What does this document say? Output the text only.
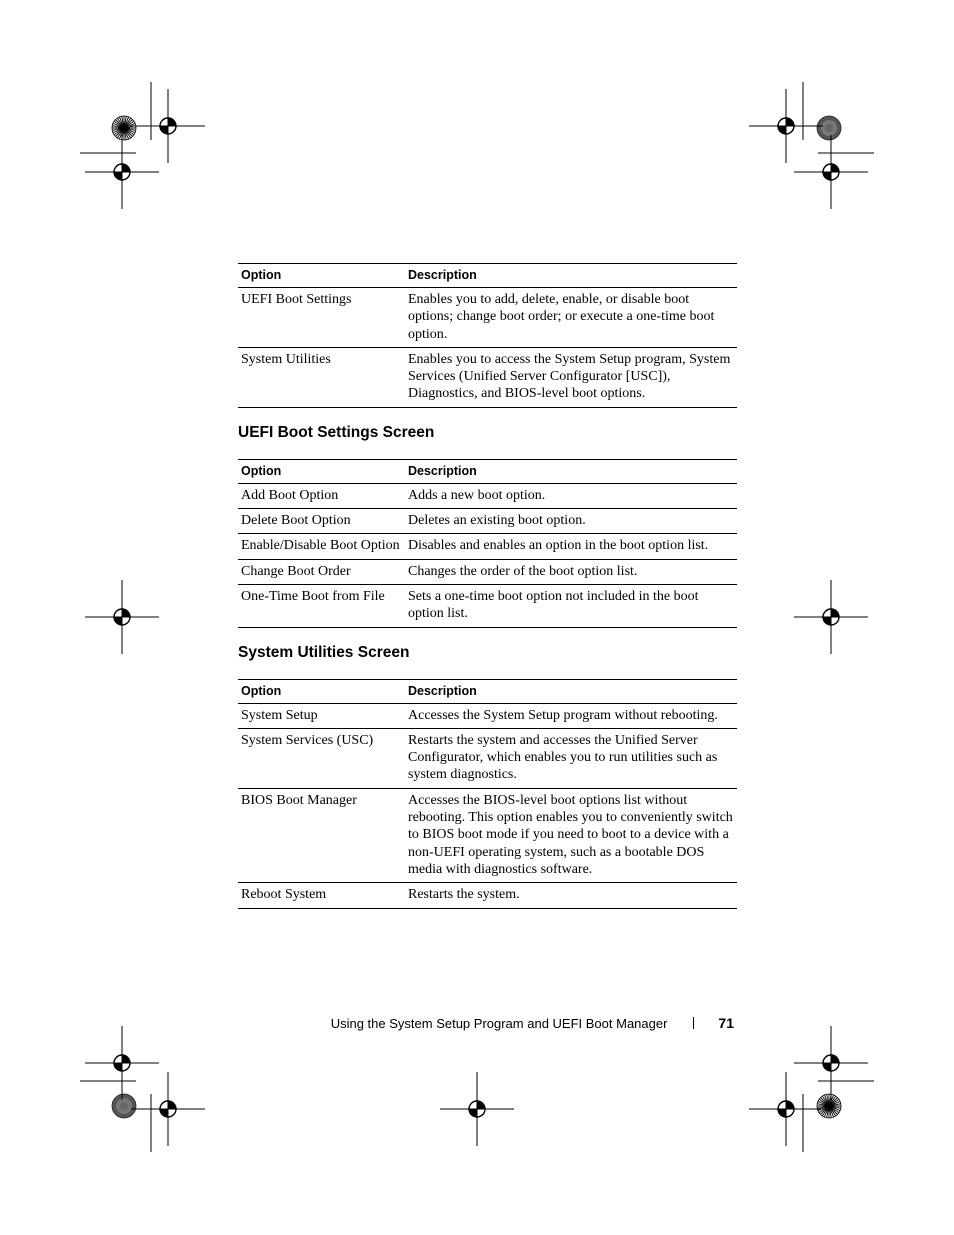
Option	Description
UEFI Boot Settings	Enables you to add, delete, enable, or disable boot options; change boot order; or execute a one-time boot option.
System Utilities	Enables you to access the System Setup program, System Services (Unified Server Configurator [USC]), Diagnostics, and BIOS-level boot options.
UEFI Boot Settings Screen
Option	Description
Add Boot Option	Adds a new boot option.
Delete Boot Option	Deletes an existing boot option.
Enable/Disable Boot Option	Disables and enables an option in the boot option list.
Change Boot Order	Changes the order of the boot option list.
One-Time Boot from File	Sets a one-time boot option not included in the boot option list.
System Utilities Screen
Option	Description
System Setup	Accesses the System Setup program without rebooting.
System Services (USC)	Restarts the system and accesses the Unified Server Configurator, which enables you to run utilities such as system diagnostics.
BIOS Boot Manager	Accesses the BIOS-level boot options list without rebooting. This option enables you to conveniently switch to BIOS boot mode if you need to boot to a device with a non-UEFI operating system, such as a bootable DOS media with diagnostics software.
Reboot System	Restarts the system.
Using the System Setup Program and UEFI Boot Manager	71
